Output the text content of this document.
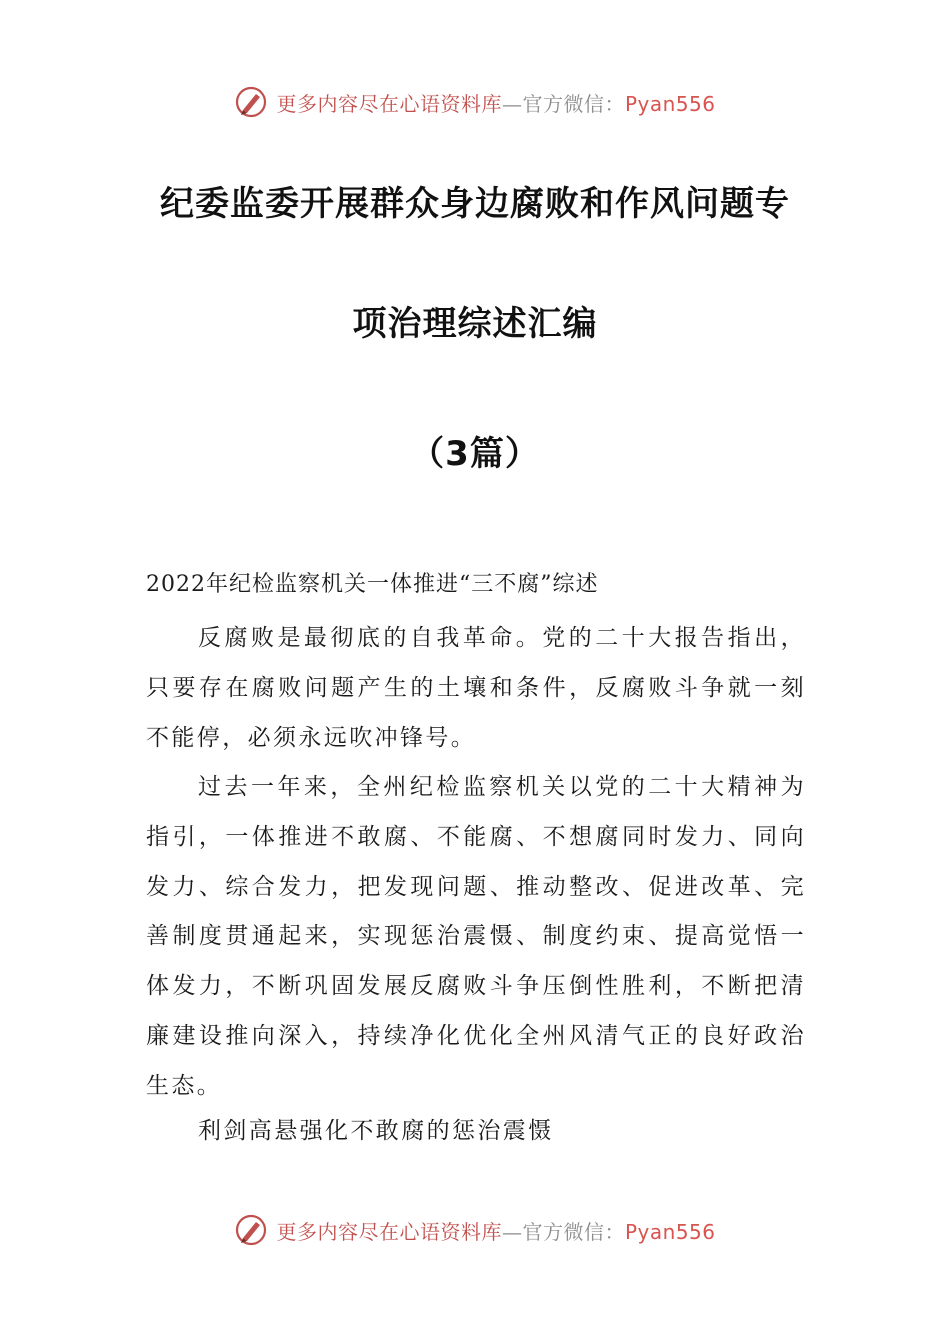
更多内容尽在心语资料库—官方微信：Pyan556
纪委监委开展群众身边腐败和作风问题专
项治理综述汇编
（3篇）
2022年纪检监察机关一体推进“三不腐”综述

反腐败是最彻底的自我革命。党的二十大报告指出，只要存在腐败问题产生的土壤和条件，反腐败斗争就一刻不能停，必须永远吹冲锋号。

过去一年来，全州纪检监察机关以党的二十大精神为指引，一体推进不敢腐、不能腐、不想腐同时发力、同向发力、综合发力，把发现问题、推动整改、促进改革、完善制度贯通起来，实现惩治震慑、制度约束、提高觉悟一体发力，不断巩固发展反腐败斗争压倒性胜利，不断把清廉建设推向深入，持续净化优化全州风清气正的良好政治生态。

利剑高悬强化不敢腐的惩治震慑
更多内容尽在心语资料库—官方微信：Pyan556
